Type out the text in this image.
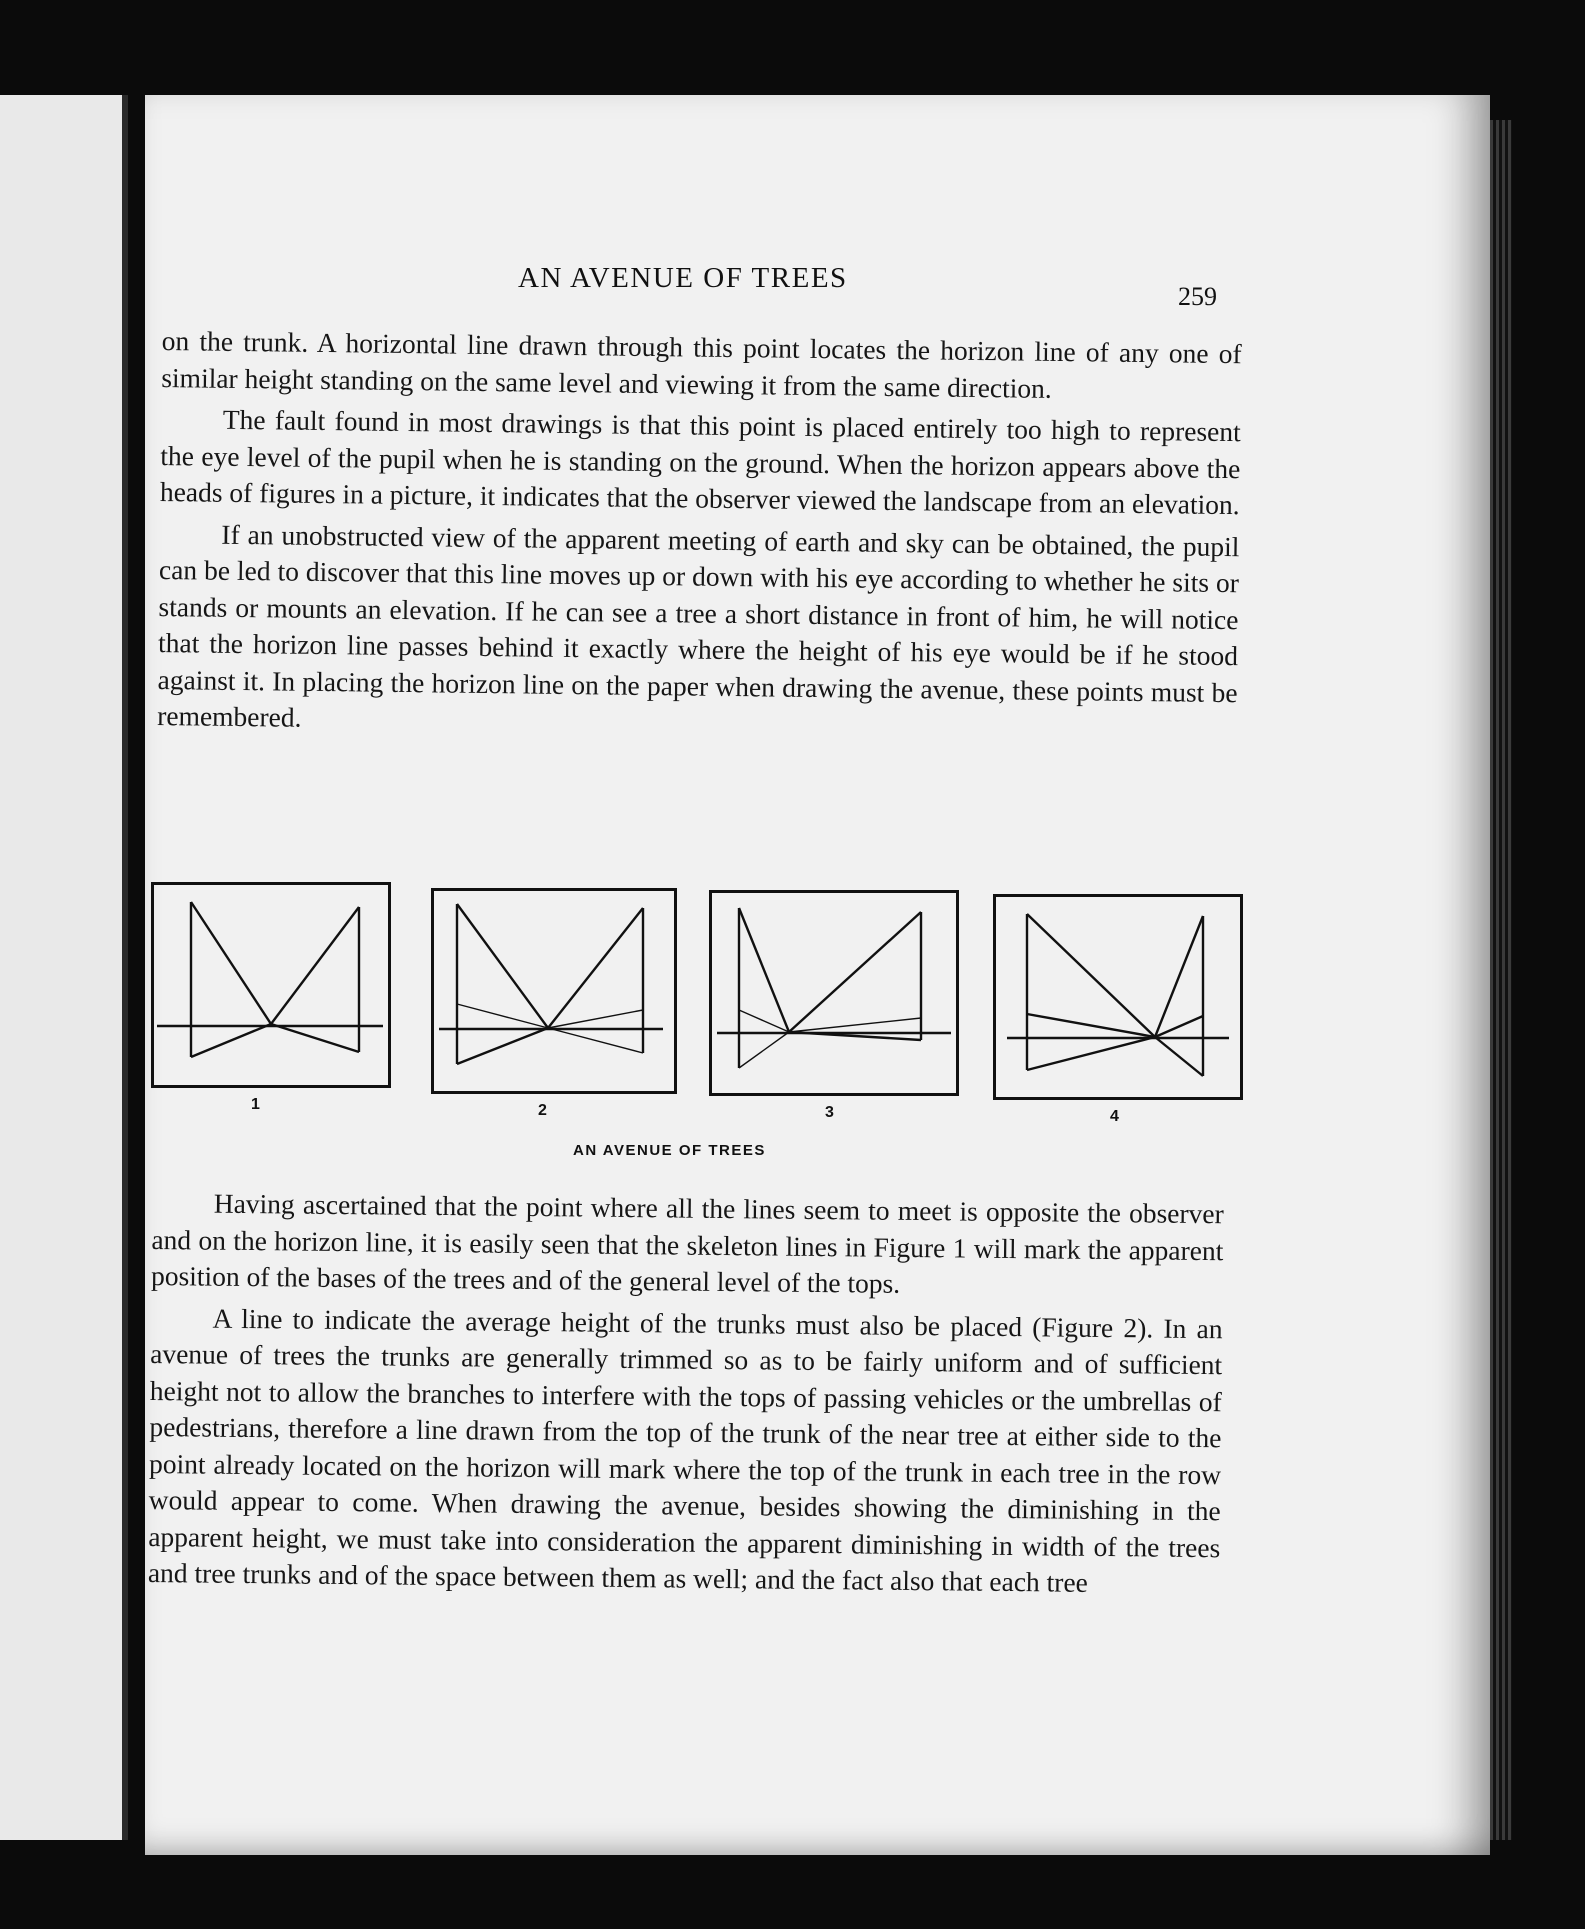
AN AVENUE OF TREES
259

on the trunk. A horizontal line drawn through this point locates the horizon line of any one of similar height standing on the same level and viewing it from the same direction.

The fault found in most drawings is that this point is placed entirely too high to represent the eye level of the pupil when he is standing on the ground. When the horizon appears above the heads of figures in a picture, it indicates that the observer viewed the landscape from an elevation.

If an unobstructed view of the apparent meeting of earth and sky can be obtained, the pupil can be led to discover that this line moves up or down with his eye according to whether he sits or stands or mounts an elevation. If he can see a tree a short distance in front of him, he will notice that the horizon line passes behind it exactly where the height of his eye would be if he stood against it. In placing the horizon line on the paper when drawing the avenue, these points must be remembered.

1	2	3	4
AN AVENUE OF TREES

Having ascertained that the point where all the lines seem to meet is opposite the observer and on the horizon line, it is easily seen that the skeleton lines in Figure 1 will mark the apparent position of the bases of the trees and of the general level of the tops.

A line to indicate the average height of the trunks must also be placed (Figure 2). In an avenue of trees the trunks are generally trimmed so as to be fairly uniform and of sufficient height not to allow the branches to interfere with the tops of passing vehicles or the umbrellas of pedestrians, therefore a line drawn from the top of the trunk of the near tree at either side to the point already located on the horizon will mark where the top of the trunk in each tree in the row would appear to come. When drawing the avenue, besides showing the diminishing in the apparent height, we must take into consideration the apparent diminishing in width of the trees and tree trunks and of the space between them as well; and the fact also that each tree
